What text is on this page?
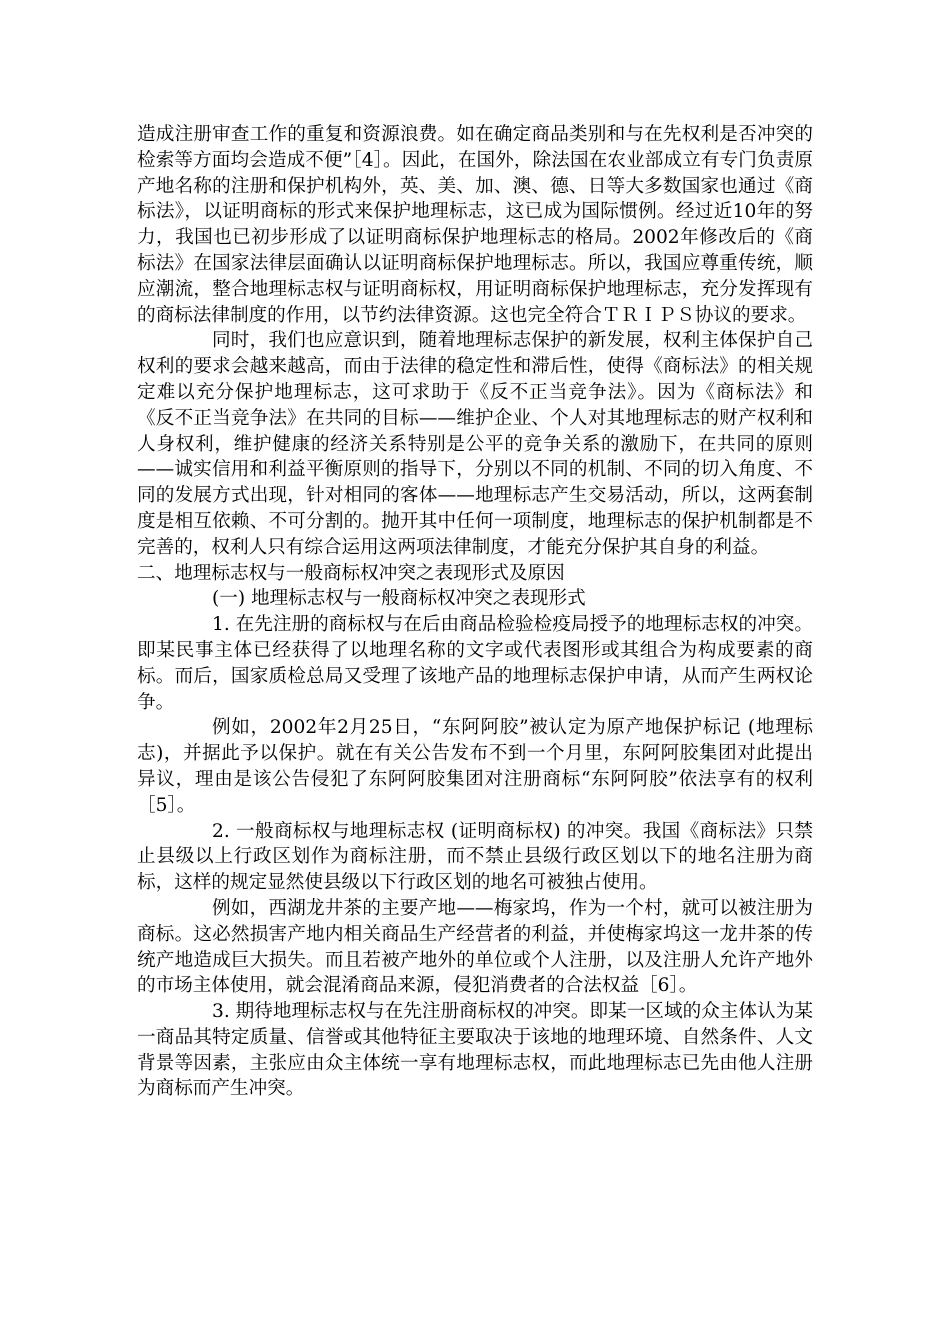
造成注册审查工作的重复和资源浪费。如在确定商品类别和与在先权利是否冲突的检索等方面均会造成不便”［4］。因此，在国外，除法国在农业部成立有专门负责原产地名称的注册和保护机构外，英、美、加、澳、德、日等大多数国家也通过《商标法》，以证明商标的形式来保护地理标志，这已成为国际惯例。经过近10年的努力，我国也已初步形成了以证明商标保护地理标志的格局。2002年修改后的《商标法》在国家法律层面确认以证明商标保护地理标志。所以，我国应尊重传统，顺应潮流，整合地理标志权与证明商标权，用证明商标保护地理标志，充分发挥现有的商标法律制度的作用，以节约法律资源。这也完全符合ＴＲＩＰＳ协议的要求。

同时，我们也应意识到，随着地理标志保护的新发展，权利主体保护自己权利的要求会越来越高，而由于法律的稳定性和滞后性，使得《商标法》的相关规定难以充分保护地理标志，这可求助于《反不正当竞争法》。因为《商标法》和《反不正当竞争法》在共同的目标——维护企业、个人对其地理标志的财产权利和人身权利，维护健康的经济关系特别是公平的竞争关系的激励下，在共同的原则——诚实信用和利益平衡原则的指导下，分别以不同的机制、不同的切入角度、不同的发展方式出现，针对相同的客体——地理标志产生交易活动，所以，这两套制度是相互依赖、不可分割的。抛开其中任何一项制度，地理标志的保护机制都是不完善的，权利人只有综合运用这两项法律制度，才能充分保护其自身的利益。

二、地理标志权与一般商标权冲突之表现形式及原因

(一) 地理标志权与一般商标权冲突之表现形式

1. 在先注册的商标权与在后由商品检验检疫局授予的地理标志权的冲突。即某民事主体已经获得了以地理名称的文字或代表图形或其组合为构成要素的商标。而后，国家质检总局又受理了该地产品的地理标志保护申请，从而产生两权论争。

例如，2002年2月25日，“东阿阿胶”被认定为原产地保护标记 (地理标志)，并据此予以保护。就在有关公告发布不到一个月里，东阿阿胶集团对此提出异议，理由是该公告侵犯了东阿阿胶集团对注册商标“东阿阿胶”依法享有的权利［5］。

2. 一般商标权与地理标志权 (证明商标权) 的冲突。我国《商标法》只禁止县级以上行政区划作为商标注册，而不禁止县级行政区划以下的地名注册为商标，这样的规定显然使县级以下行政区划的地名可被独占使用。

例如，西湖龙井茶的主要产地——梅家坞，作为一个村，就可以被注册为商标。这必然损害产地内相关商品生产经营者的利益，并使梅家坞这一龙井茶的传统产地造成巨大损失。而且若被产地外的单位或个人注册，以及注册人允许产地外的市场主体使用，就会混淆商品来源，侵犯消费者的合法权益［6］。

3. 期待地理标志权与在先注册商标权的冲突。即某一区域的众主体认为某一商品其特定质量、信誉或其他特征主要取决于该地的地理环境、自然条件、人文背景等因素，主张应由众主体统一享有地理标志权，而此地理标志已先由他人注册为商标而产生冲突。
